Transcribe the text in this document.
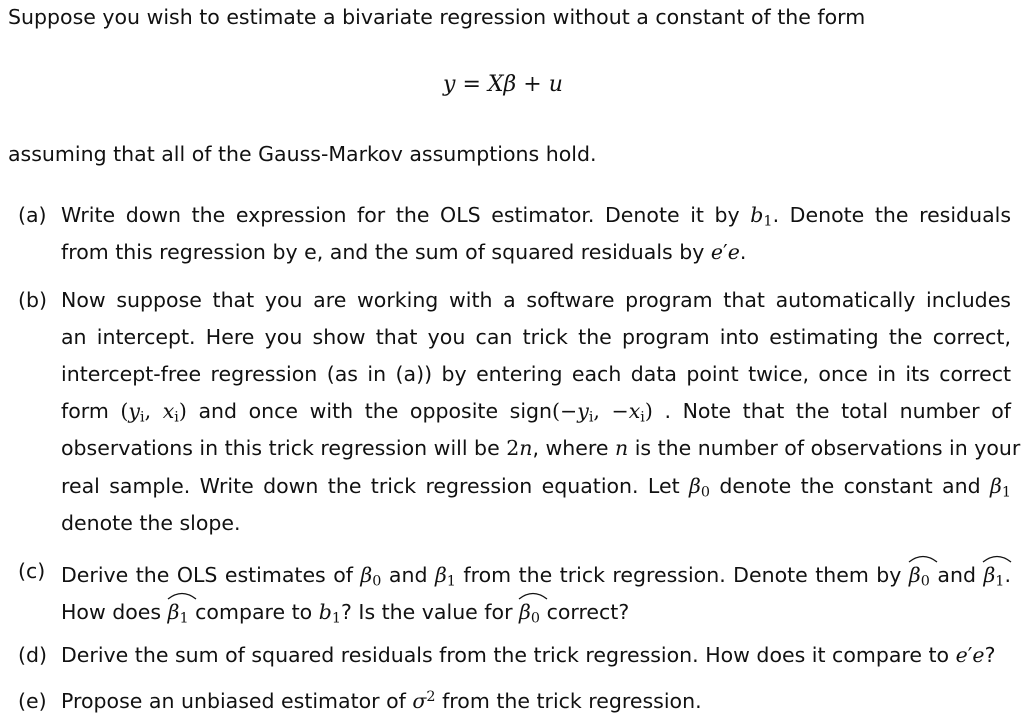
Suppose you wish to estimate a bivariate regression without a constant of the form
y = Xβ + u
assuming that all of the Gauss-Markov assumptions hold.
(a) Write down the expression for the OLS estimator. Denote it by $b_1$. Denote the residuals
from this regression by e, and the sum of squared residuals by e′e.
(b) Now suppose that you are working with a software program that automatically includes
an intercept. Here you show that you can trick the program into estimating the correct,
intercept-free regression (as in (a)) by entering each data point twice, once in its correct
form ($y_i$, $x_i$) and once with the opposite $sign(-y_i$, $-x_i$) . Note that the total number of
observations in this trick regression will be 2n, where n is the number of observations in your
real sample. Write down the trick regression equation. Let $\beta_0$ denote the constant and $\beta_1$
denote the slope.
(c) Derive the OLS estimates of $\beta_0$ and $\beta_1$ from the trick regression. Denote them by $\beta_0$ and $\beta_1$.
How does $\beta_1$ compare to $b_1$? Is the value for $\beta_0$ correct?
(d) Derive the sum of squared residuals from the trick regression. How does it compare to e′e?
(e) Propose an unbiased estimator of $\sigma^2$ from the trick regression.
